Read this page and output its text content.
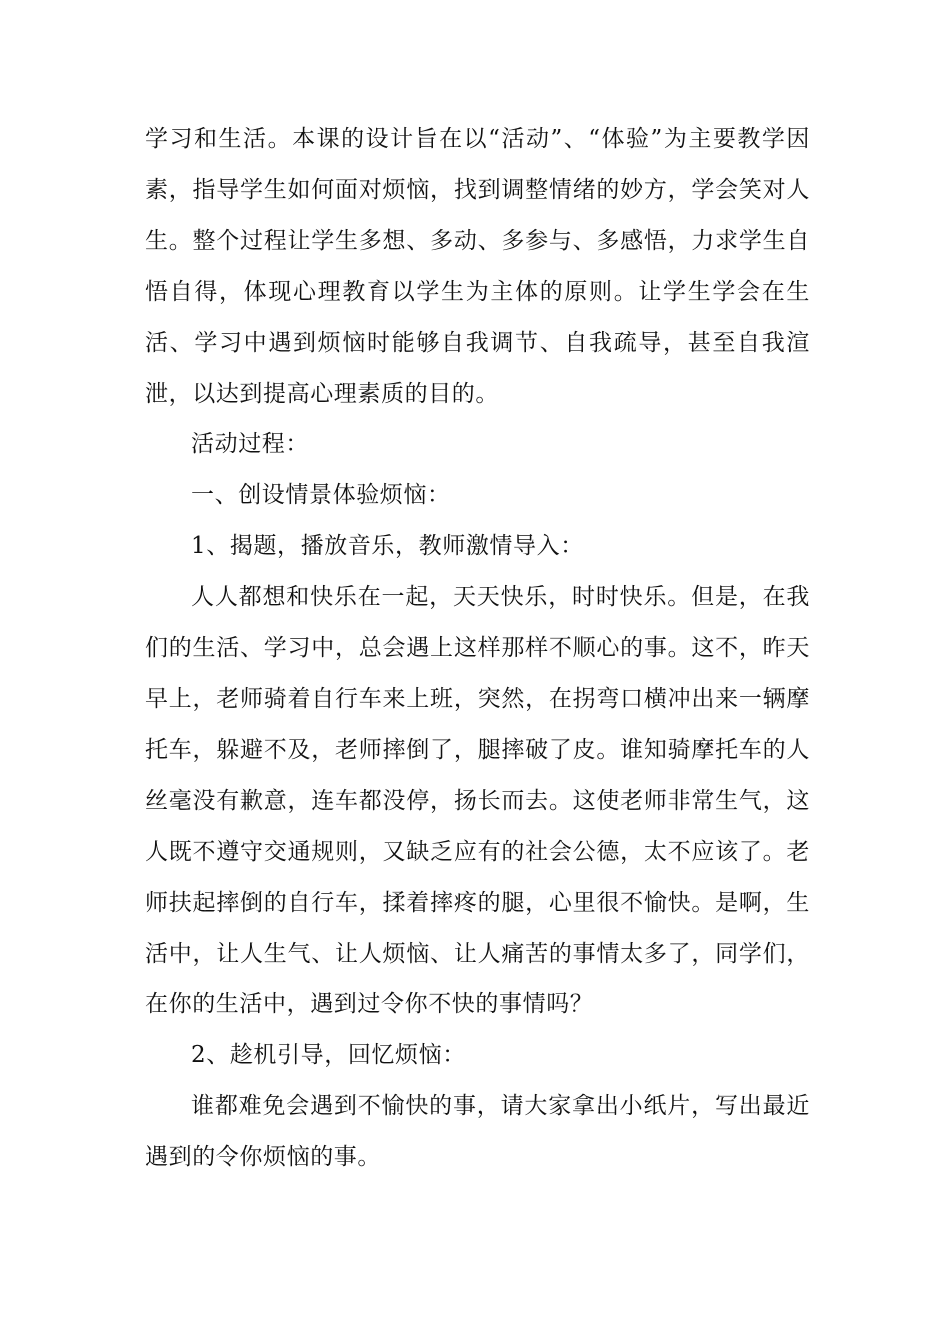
学习和生活。本课的设计旨在以“活动”、“体验”为主要教学因素，指导学生如何面对烦恼，找到调整情绪的妙方，学会笑对人生。整个过程让学生多想、多动、多参与、多感悟，力求学生自悟自得，体现心理教育以学生为主体的原则。让学生学会在生活、学习中遇到烦恼时能够自我调节、自我疏导，甚至自我渲泄，以达到提高心理素质的目的。

活动过程：

一、创设情景体验烦恼：

1、揭题，播放音乐，教师激情导入：

人人都想和快乐在一起，天天快乐，时时快乐。但是，在我们的生活、学习中，总会遇上这样那样不顺心的事。这不，昨天早上，老师骑着自行车来上班，突然，在拐弯口横冲出来一辆摩托车，躲避不及，老师摔倒了，腿摔破了皮。谁知骑摩托车的人丝毫没有歉意，连车都没停，扬长而去。这使老师非常生气，这人既不遵守交通规则，又缺乏应有的社会公德，太不应该了。老师扶起摔倒的自行车，揉着摔疼的腿，心里很不愉快。是啊，生活中，让人生气、让人烦恼、让人痛苦的事情太多了，同学们，在你的生活中，遇到过令你不快的事情吗？

2、趁机引导，回忆烦恼：

谁都难免会遇到不愉快的事，请大家拿出小纸片，写出最近遇到的令你烦恼的事。
